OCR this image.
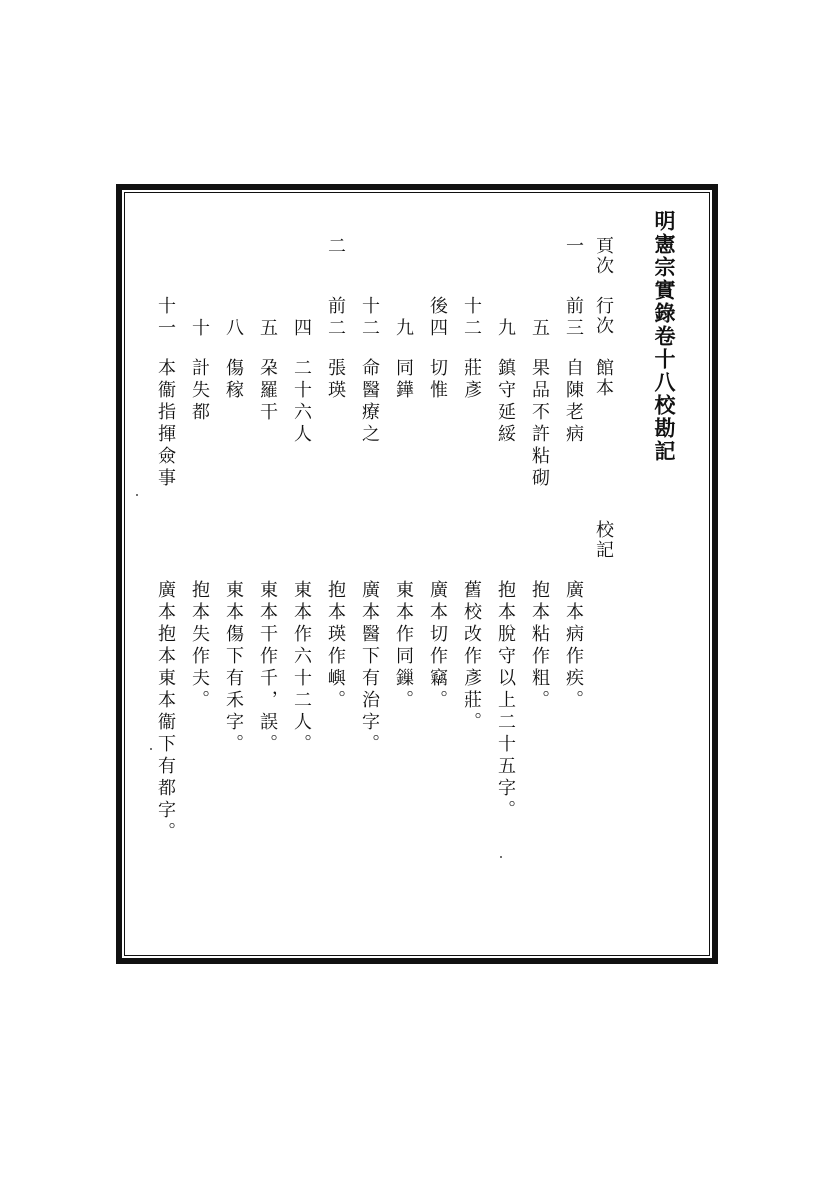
明憲宗實錄卷十八校勘記
頁次
行次
館本
校記
一
二
前三
自陳老病
廣本病作疾。
五
果品不許粘砌
抱本粘作粗。
九
鎮守延綏
抱本脫守以上二十五字。
十二
莊彥
舊校改作彥莊。
後四
切惟
廣本切作竊。
九
同鏵
東本作同鏁。
十二
命醫療之
廣本醫下有治字。
前二
張瑛
抱本瑛作嶼。
四
二十六人
東本作六十二人。
五
朶羅干
東本干作千，誤。
八
傷稼
東本傷下有禾字。
十
計失都
抱本失作夫。
十一
本衞指揮僉事
廣本抱本東本衞下有都字。
